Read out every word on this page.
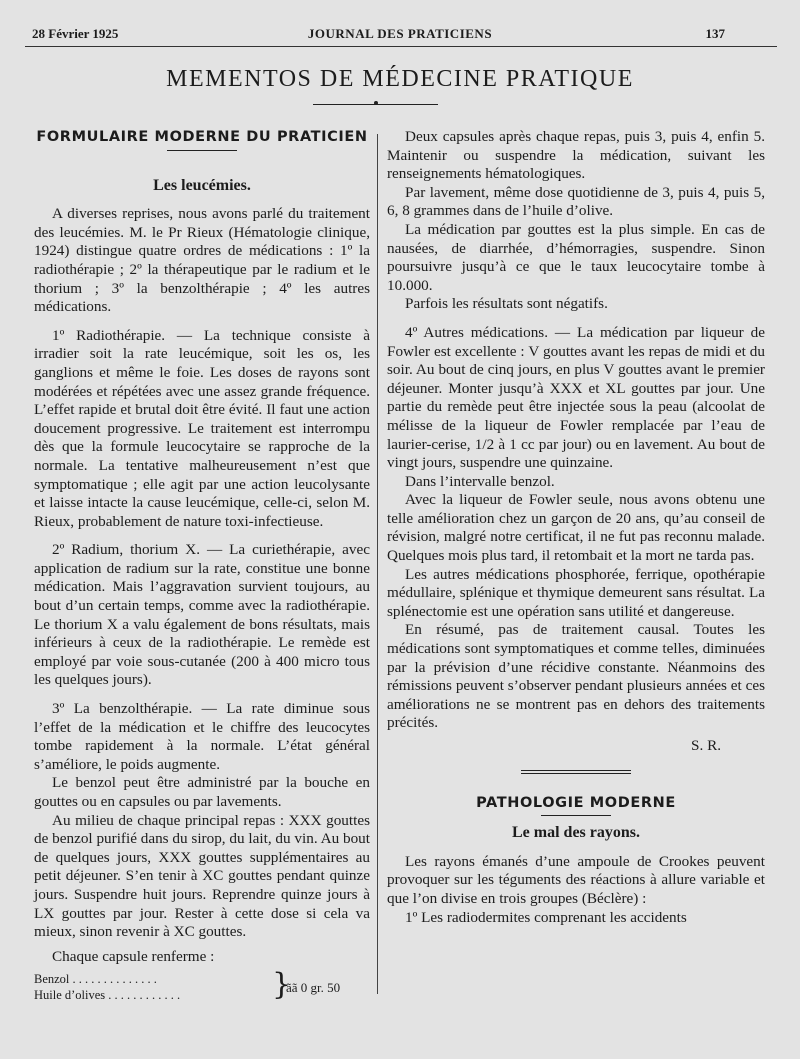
28 Février 1925	JOURNAL DES PRATICIENS	137
MEMENTOS DE MÉDECINE PRATIQUE
FORMULAIRE MODERNE DU PRATICIEN
Les leucémies.

A diverses reprises, nous avons parlé du traitement des leucémies. M. le Pr Rieux (Hématologie clinique, 1924) distingue quatre ordres de médications : 1º la radiothérapie ; 2º la thérapeutique par le radium et le thorium ; 3º la benzolthérapie ; 4º les autres médications.

1º Radiothérapie. — La technique consiste à irradier soit la rate leucémique, soit les os, les ganglions et même le foie. Les doses de rayons sont modérées et répétées avec une assez grande fréquence. L’effet rapide et brutal doit être évité. Il faut une action doucement progressive. Le traitement est interrompu dès que la formule leucocytaire se rapproche de la normale. La tentative malheureusement n’est que symptomatique ; elle agit par une action leucolysante et laisse intacte la cause leucémique, celle-ci, selon M. Rieux, probablement de nature toxi-infectieuse.

2º Radium, thorium X. — La curiethérapie, avec application de radium sur la rate, constitue une bonne médication. Mais l’aggravation survient toujours, au bout d’un certain temps, comme avec la radiothérapie. Le thorium X a valu également de bons résultats, mais inférieurs à ceux de la radiothérapie. Le remède est employé par voie sous-cutanée (200 à 400 micro tous les quelques jours).

3º La benzolthérapie. — La rate diminue sous l’effet de la médication et le chiffre des leucocytes tombe rapidement à la normale. L’état général s’améliore, le poids augmente.

Le benzol peut être administré par la bouche en gouttes ou en capsules ou par lavements.

Au milieu de chaque principal repas : XXX gouttes de benzol purifié dans du sirop, du lait, du vin. Au bout de quelques jours, XXX gouttes supplémentaires au petit déjeuner. S’en tenir à XC gouttes pendant quinze jours. Suspendre huit jours. Reprendre quinze jours à LX gouttes par jour. Rester à cette dose si cela va mieux, sinon revenir à XC gouttes.

Chaque capsule renferme :

Benzol . . . . . . . . . . . . . .
Huile d’olives . . . . . . . . . . . .	}
ãã 0 gr. 50

Deux capsules après chaque repas, puis 3, puis 4, enfin 5. Maintenir ou suspendre la médication, suivant les renseignements hématologiques.

Par lavement, même dose quotidienne de 3, puis 4, puis 5, 6, 8 grammes dans de l’huile d’olive.

La médication par gouttes est la plus simple. En cas de nausées, de diarrhée, d’hémorragies, suspendre. Sinon poursuivre jusqu’à ce que le taux leucocytaire tombe à 10.000.

Parfois les résultats sont négatifs.

4º Autres médications. — La médication par liqueur de Fowler est excellente : V gouttes avant les repas de midi et du soir. Au bout de cinq jours, en plus V gouttes avant le premier déjeuner. Monter jusqu’à XXX et XL gouttes par jour. Une partie du remède peut être injectée sous la peau (alcoolat de mélisse de la liqueur de Fowler remplacée par l’eau de laurier-cerise, 1/2 à 1 cc par jour) ou en lavement. Au bout de vingt jours, suspendre une quinzaine.

Dans l’intervalle benzol.

Avec la liqueur de Fowler seule, nous avons obtenu une telle amélioration chez un garçon de 20 ans, qu’au conseil de révision, malgré notre certificat, il ne fut pas reconnu malade. Quelques mois plus tard, il retombait et la mort ne tarda pas.

Les autres médications phosphorée, ferrique, opothérapie médullaire, splénique et thymique demeurent sans résultat. La splénectomie est une opération sans utilité et dangereuse.

En résumé, pas de traitement causal. Toutes les médications sont symptomatiques et comme telles, diminuées par la prévision d’une récidive constante. Néanmoins des rémissions peuvent s’observer pendant plusieurs années et ces améliorations ne se montrent pas en dehors des traitements précités.

S. R.

PATHOLOGIE MODERNE
Le mal des rayons.

Les rayons émanés d’une ampoule de Crookes peuvent provoquer sur les téguments des réactions à allure variable et que l’on divise en trois groupes (Béclère) :

1º Les radiodermites comprenant les accidents
